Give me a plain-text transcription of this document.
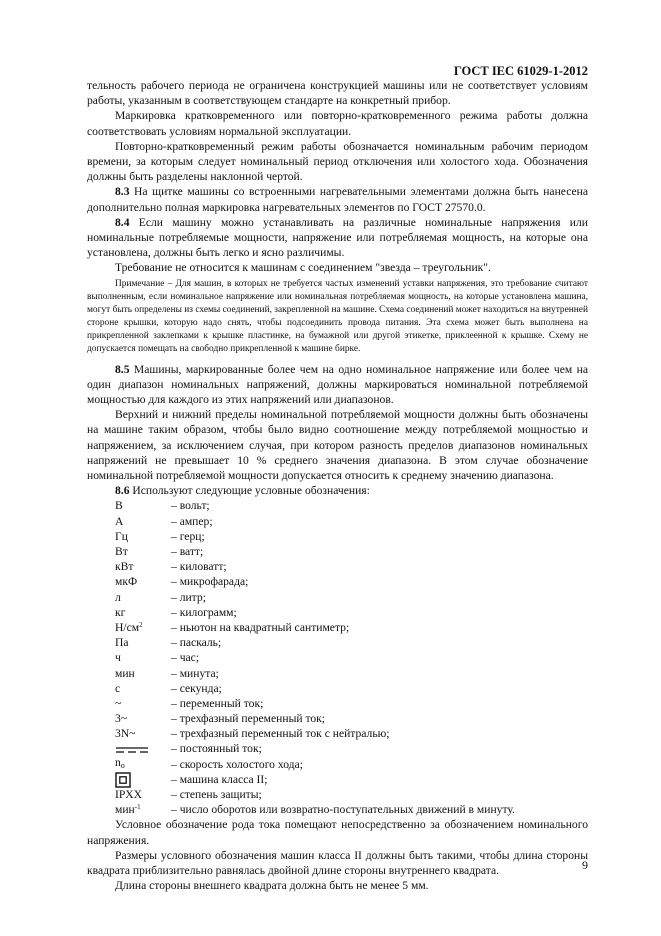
ГОСТ IEC 61029-1-2012

тельность рабочего периода не ограничена конструкцией машины или не соответствует условиям работы, указанным в соответствующем стандарте на конкретный прибор.

Маркировка кратковременного или повторно-кратковременного режима работы должна соответствовать условиям нормальной эксплуатации.

Повторно-кратковременный режим работы обозначается номинальным рабочим периодом времени, за которым следует номинальный период отключения или холостого хода. Обозначения должны быть разделены наклонной чертой.

8.3 На щитке машины со встроенными нагревательными элементами должна быть нанесена дополнительно полная маркировка нагревательных элементов по ГОСТ 27570.0.

8.4 Если машину можно устанавливать на различные номинальные напряжения или номинальные потребляемые мощности, напряжение или потребляемая мощность, на которые она установлена, должны быть легко и ясно различимы.

Требование не относится к машинам с соединением "звезда – треугольник".

Примечание – Для машин, в которых не требуется частых изменений уставки напряжения, это требование считают выполненным, если номинальное напряжение или номинальная потребляемая мощность, на которые установлена машина, могут быть определены из схемы соединений, закрепленной на машине. Схема соединений может находиться на внутренней стороне крышки, которую надо снять, чтобы подсоединить провода питания. Эта схема может быть выполнена на прикрепленной заклепками к крышке пластинке, на бумажной или другой этикетке, приклеенной к крышке. Схему не допускается помещать на свободно прикрепленной к машине бирке.

8.5 Машины, маркированные более чем на одно номинальное напряжение или более чем на один диапазон номинальных напряжений, должны маркироваться номинальной потребляемой мощностью для каждого из этих напряжений или диапазонов.

Верхний и нижний пределы номинальной потребляемой мощности должны быть обозначены на машине таким образом, чтобы было видно соотношение между потребляемой мощностью и напряжением, за исключением случая, при котором разность пределов диапазонов номинальных напряжений не превышает 10 % среднего значения диапазона. В этом случае обозначение номинальной потребляемой мощности допускается относить к среднему значению диапазона.

8.6 Используют следующие условные обозначения:

В	– вольт;
А	– ампер;
Гц	– герц;
Вт	– ватт;
кВт	– киловатт;
мкФ	– микрофарада;
л	– литр;
кг	– килограмм;
$Н/см^2$	– ньютон на квадратный сантиметр;
Па	– паскаль;
ч	– час;
мин	– минута;
с	– секунда;
~	– переменный ток;
3~	– трехфазный переменный ток;
3N~	– трехфазный переменный ток с нейтралью;
– постоянный ток;
$n_o$	– скорость холостого хода;
– машина класса II;
IPXX	– степень защиты;
мин$^{-1}$	– число оборотов или возвратно-поступательных движений в минуту.

Условное обозначение рода тока помещают непосредственно за обозначением номинального напряжения.

Размеры условного обозначения машин класса II должны быть такими, чтобы длина стороны квадрата приблизительно равнялась двойной длине стороны внутреннего квадрата.

Длина стороны внешнего квадрата должна быть не менее 5 мм.

9
